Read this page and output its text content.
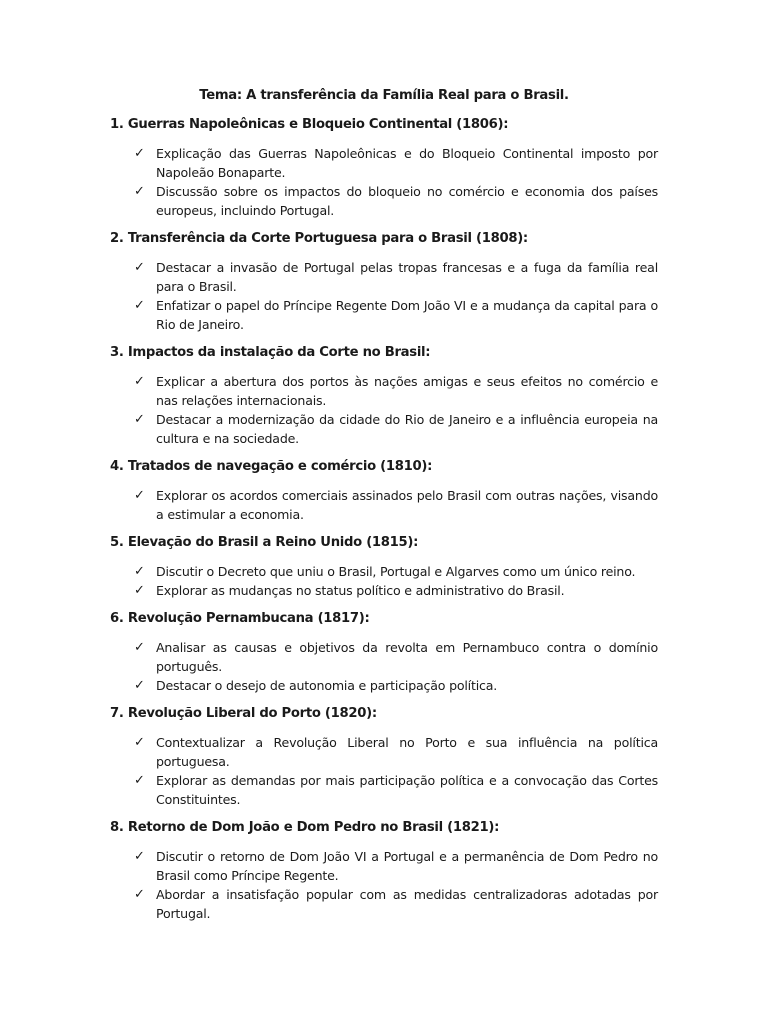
Tema: A transferência da Família Real para o Brasil.
1. Guerras Napoleônicas e Bloqueio Continental (1806):
✓ Explicação das Guerras Napoleônicas e do Bloqueio Continental imposto por Napoleão Bonaparte.
✓ Discussão sobre os impactos do bloqueio no comércio e economia dos países europeus, incluindo Portugal.
2. Transferência da Corte Portuguesa para o Brasil (1808):
✓ Destacar a invasão de Portugal pelas tropas francesas e a fuga da família real para o Brasil.
✓ Enfatizar o papel do Príncipe Regente Dom João VI e a mudança da capital para o Rio de Janeiro.
3. Impactos da instalação da Corte no Brasil:
✓ Explicar a abertura dos portos às nações amigas e seus efeitos no comércio e nas relações internacionais.
✓ Destacar a modernização da cidade do Rio de Janeiro e a influência europeia na cultura e na sociedade.
4. Tratados de navegação e comércio (1810):
✓ Explorar os acordos comerciais assinados pelo Brasil com outras nações, visando a estimular a economia.
5. Elevação do Brasil a Reino Unido (1815):
✓ Discutir o Decreto que uniu o Brasil, Portugal e Algarves como um único reino.
✓ Explorar as mudanças no status político e administrativo do Brasil.
6. Revolução Pernambucana (1817):
✓ Analisar as causas e objetivos da revolta em Pernambuco contra o domínio português.
✓ Destacar o desejo de autonomia e participação política.
7. Revolução Liberal do Porto (1820):
✓ Contextualizar a Revolução Liberal no Porto e sua influência na política portuguesa.
✓ Explorar as demandas por mais participação política e a convocação das Cortes Constituintes.
8. Retorno de Dom João e Dom Pedro no Brasil (1821):
✓ Discutir o retorno de Dom João VI a Portugal e a permanência de Dom Pedro no Brasil como Príncipe Regente.
✓ Abordar a insatisfação popular com as medidas centralizadoras adotadas por Portugal.
